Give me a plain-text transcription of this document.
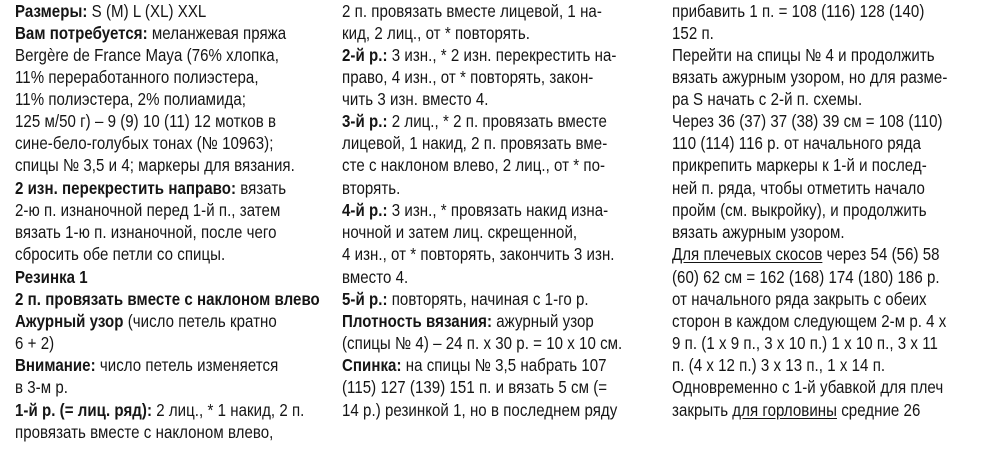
Размеры: S (M) L (XL) XXL
Вам потребуется: меланжевая пряжа
Bergère de France Maya (76% хлопка,
11% переработанного полиэстера,
11% полиэстера, 2% полиамида;
125 м/50 г) – 9 (9) 10 (11) 12 мотков в
сине-бело-голубых тонах (№ 10963);
спицы № 3,5 и 4; маркеры для вязания.
2 изн. перекрестить направо: вязать
2-ю п. изнаночной перед 1-й п., затем
вязать 1-ю п. изнаночной, после чего
сбросить обе петли со спицы.
Резинка 1
2 п. провязать вместе с наклоном влево
Ажурный узор (число петель кратно
6 + 2)
Внимание: число петель изменяется
в 3-м р.
1-й р. (= лиц. ряд): 2 лиц., * 1 накид, 2 п.
провязать вместе с наклоном влево,
2 п. провязать вместе лицевой, 1 на-
кид, 2 лиц., от * повторять.
2-й р.: 3 изн., * 2 изн. перекрестить на-
право, 4 изн., от * повторять, закон-
чить 3 изн. вместо 4.
3-й р.: 2 лиц., * 2 п. провязать вместе
лицевой, 1 накид, 2 п. провязать вме-
сте с наклоном влево, 2 лиц., от * по-
вторять.
4-й р.: 3 изн., * провязать накид изна-
ночной и затем лиц. скрещенной,
4 изн., от * повторять, закончить 3 изн.
вместо 4.
5-й р.: повторять, начиная с 1-го р.
Плотность вязания: ажурный узор
(спицы № 4) – 24 п. х 30 р. = 10 х 10 см.
Спинка: на спицы № 3,5 набрать 107
(115) 127 (139) 151 п. и вязать 5 см (=
14 р.) резинкой 1, но в последнем ряду
прибавить 1 п. = 108 (116) 128 (140)
152 п.
Перейти на спицы № 4 и продолжить
вязать ажурным узором, но для разме-
ра S начать с 2-й п. схемы.
Через 36 (37) 37 (38) 39 см = 108 (110)
110 (114) 116 р. от начального ряда
прикрепить маркеры к 1-й и послед-
ней п. ряда, чтобы отметить начало
пройм (см. выкройку), и продолжить
вязать ажурным узором.
Для плечевых скосов через 54 (56) 58
(60) 62 см = 162 (168) 174 (180) 186 р.
от начального ряда закрыть с обеих
сторон в каждом следующем 2-м р. 4 х
9 п. (1 х 9 п., 3 х 10 п.) 1 х 10 п., 3 х 11
п. (4 х 12 п.) 3 х 13 п., 1 х 14 п.
Одновременно с 1-й убавкой для плеч
закрыть для горловины средние 26
